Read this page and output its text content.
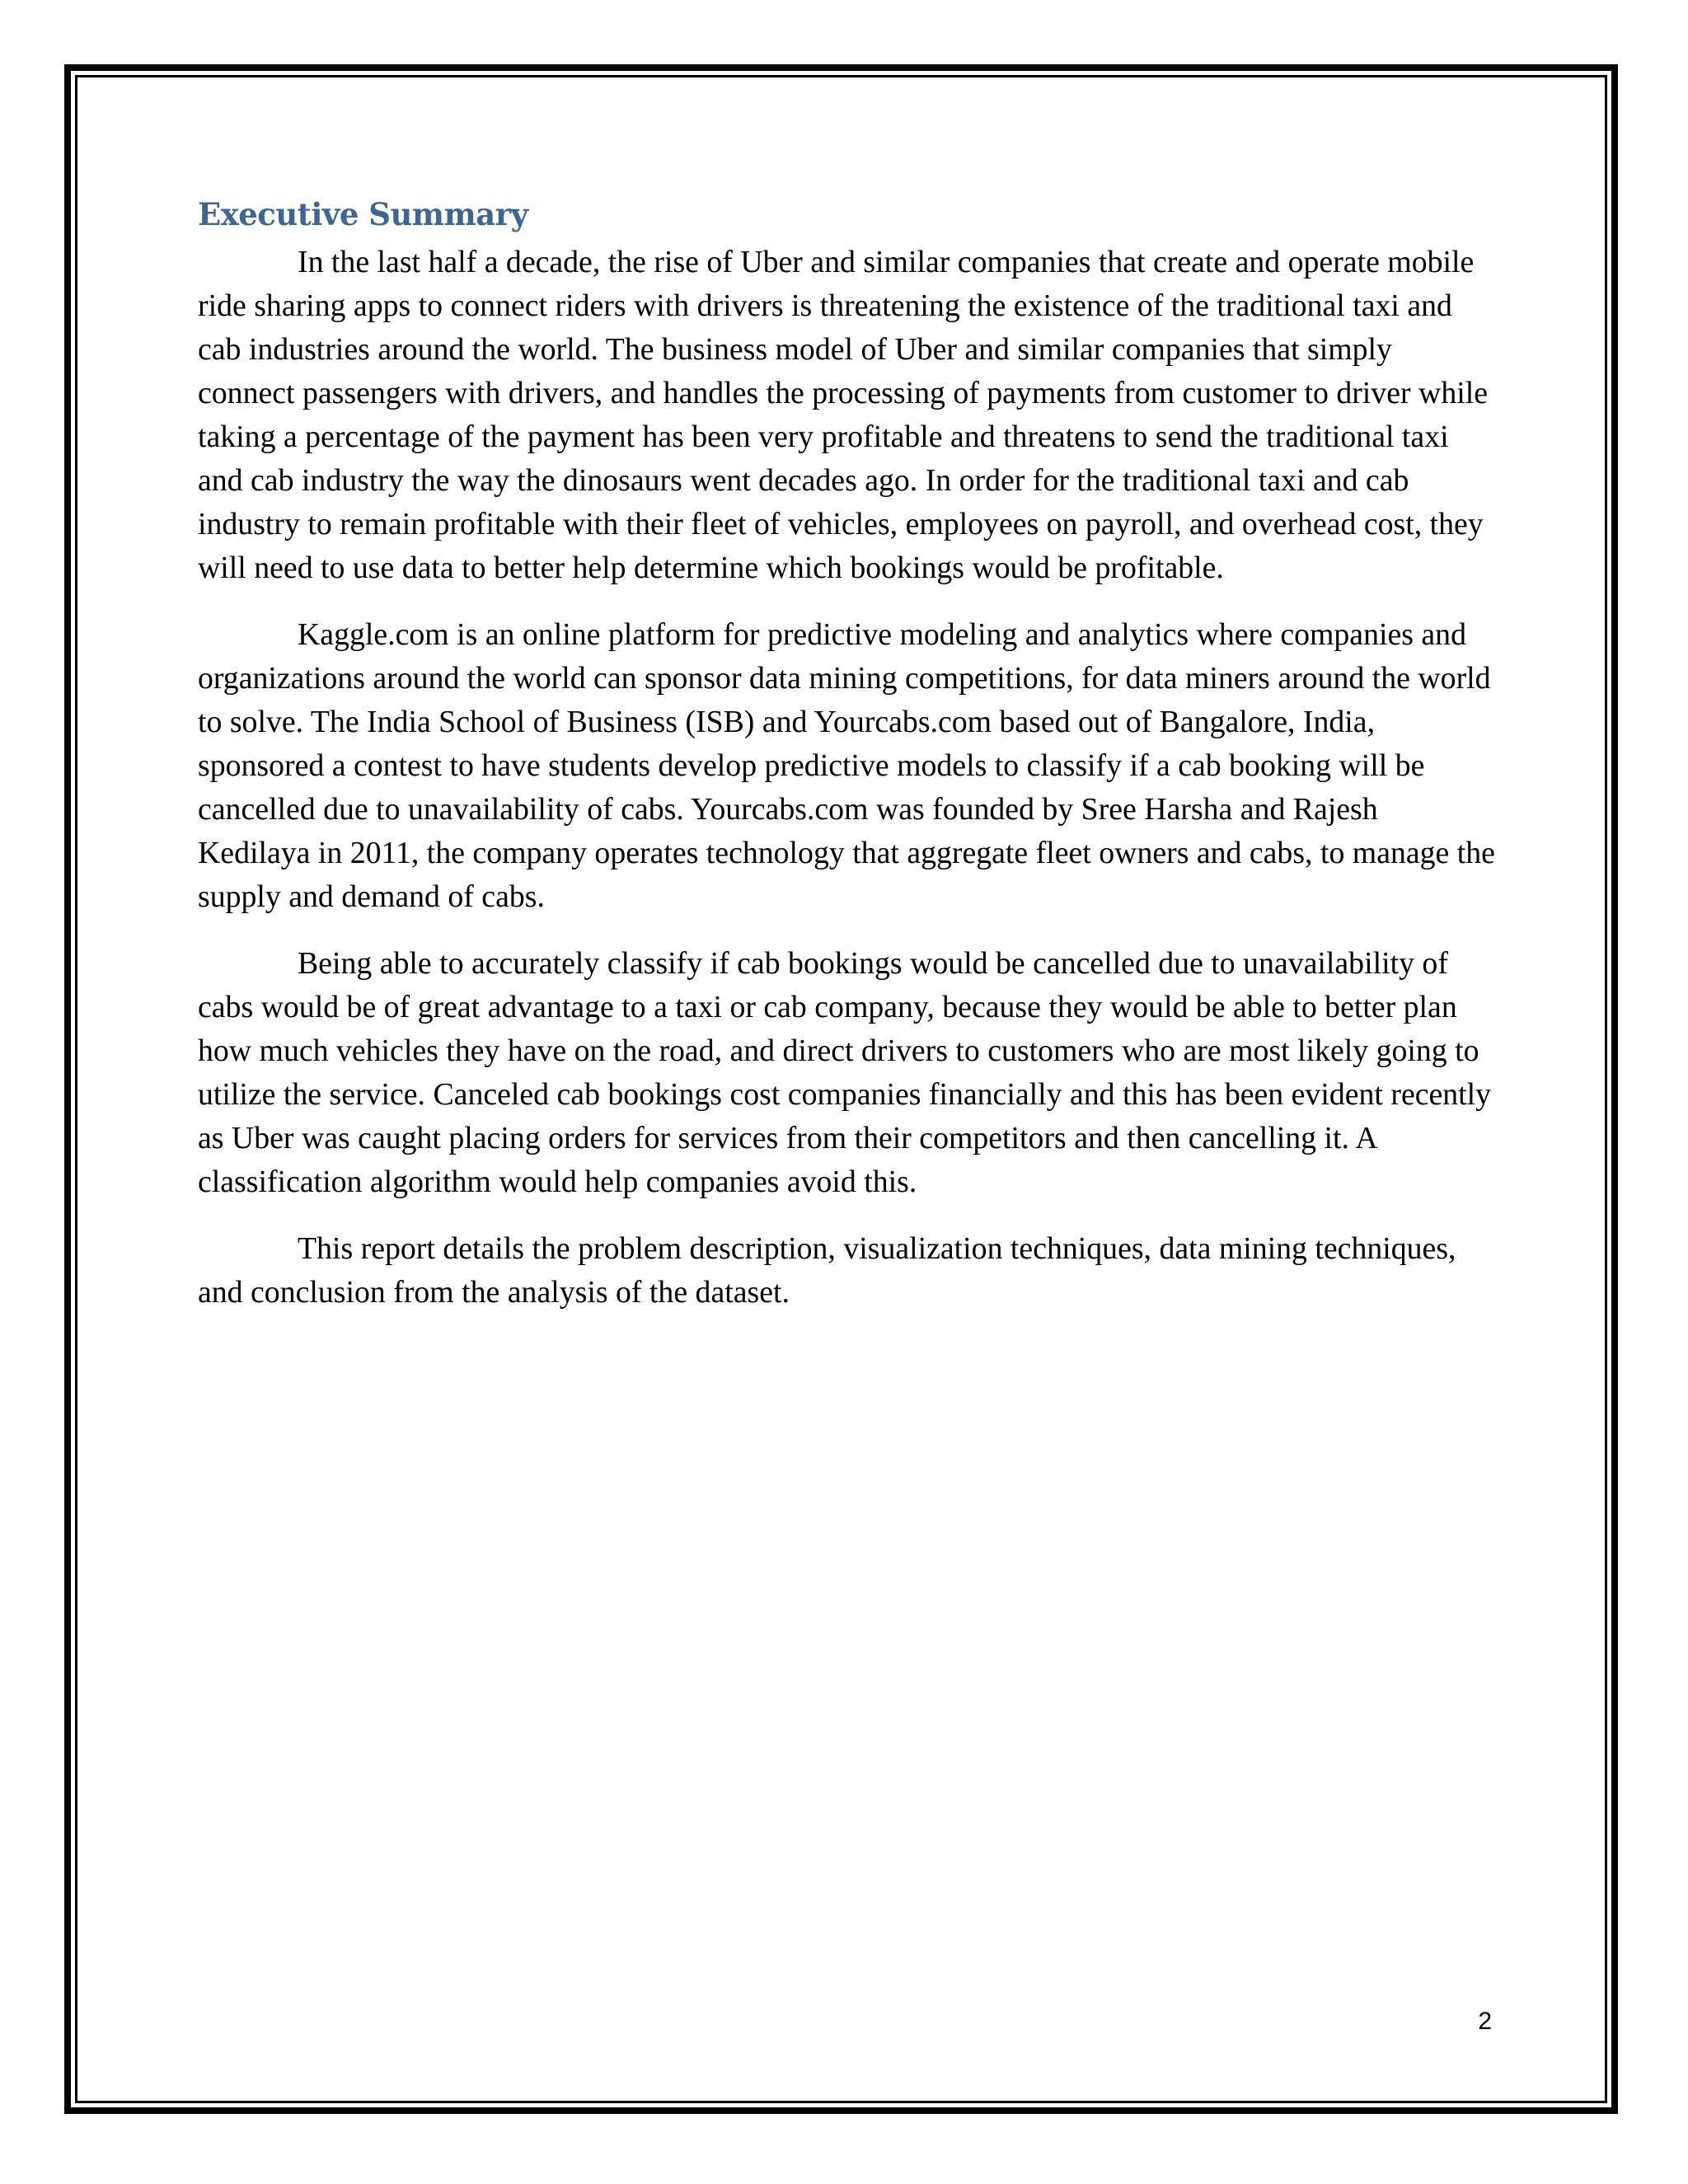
Executive Summary

In the last half a decade, the rise of Uber and similar companies that create and operate mobile ride sharing apps to connect riders with drivers is threatening the existence of the traditional taxi and cab industries around the world. The business model of Uber and similar companies that simply connect passengers with drivers, and handles the processing of payments from customer to driver while taking a percentage of the payment has been very profitable and threatens to send the traditional taxi and cab industry the way the dinosaurs went decades ago. In order for the traditional taxi and cab industry to remain profitable with their fleet of vehicles, employees on payroll, and overhead cost, they will need to use data to better help determine which bookings would be profitable.

Kaggle.com is an online platform for predictive modeling and analytics where companies and organizations around the world can sponsor data mining competitions, for data miners around the world to solve. The India School of Business (ISB) and Yourcabs.com based out of Bangalore, India, sponsored a contest to have students develop predictive models to classify if a cab booking will be cancelled due to unavailability of cabs. Yourcabs.com was founded by Sree Harsha and Rajesh Kedilaya in 2011, the company operates technology that aggregate fleet owners and cabs, to manage the supply and demand of cabs.

Being able to accurately classify if cab bookings would be cancelled due to unavailability of cabs would be of great advantage to a taxi or cab company, because they would be able to better plan how much vehicles they have on the road, and direct drivers to customers who are most likely going to utilize the service. Canceled cab bookings cost companies financially and this has been evident recently as Uber was caught placing orders for services from their competitors and then cancelling it. A classification algorithm would help companies avoid this.

This report details the problem description, visualization techniques, data mining techniques, and conclusion from the analysis of the dataset.

2
